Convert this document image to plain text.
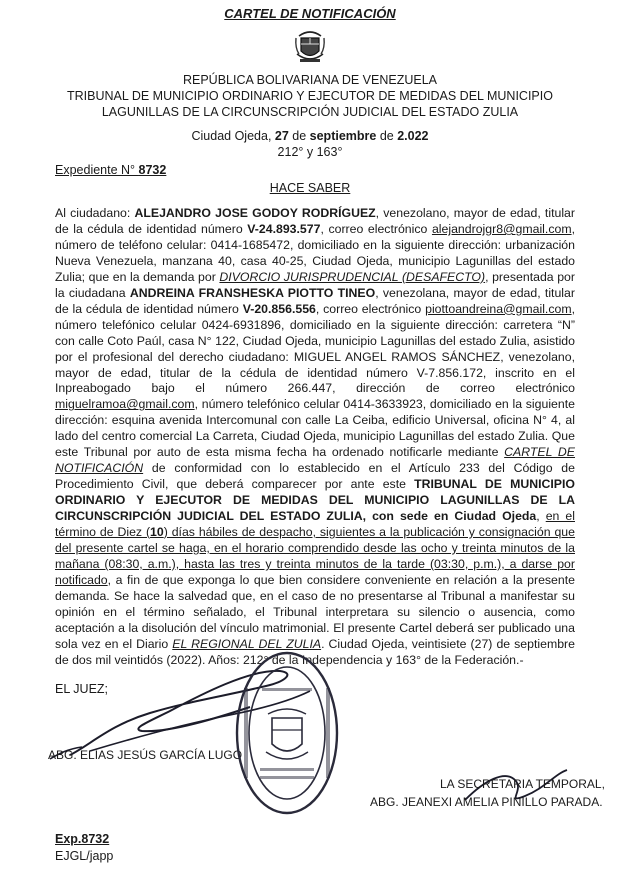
CARTEL DE NOTIFICACIÓN
REPÚBLICA BOLIVARIANA DE VENEZUELA
TRIBUNAL DE MUNICIPIO ORDINARIO Y EJECUTOR DE MEDIDAS DEL MUNICIPIO
LAGUNILLAS DE LA CIRCUNSCRIPCIÓN JUDICIAL DEL ESTADO ZULIA
Ciudad Ojeda, 27 de septiembre de 2.022
212° y 163°
Expediente N° 8732
HACE SABER
Al ciudadano: ALEJANDRO JOSE GODOY RODRÍGUEZ, venezolano, mayor de edad, titular de la cédula de identidad número V-24.893.577, correo electrónico alejandrojgr8@gmail.com, número de teléfono celular: 0414-1685472, domiciliado en la siguiente dirección: urbanización Nueva Venezuela, manzana 40, casa 40-25, Ciudad Ojeda, municipio Lagunillas del estado Zulia; que en la demanda por DIVORCIO JURISPRUDENCIAL (DESAFECTO), presentada por la ciudadana ANDREINA FRANSHESKA PIOTTO TINEO, venezolana, mayor de edad, titular de la cédula de identidad número V-20.856.556, correo electrónico piottoandreina@gmail.com, número telefónico celular 0424-6931896, domiciliado en la siguiente dirección: carretera “N” con calle Coto Paúl, casa N° 122, Ciudad Ojeda, municipio Lagunillas del estado Zulia, asistido por el profesional del derecho ciudadano: MIGUEL ANGEL RAMOS SÁNCHEZ, venezolano, mayor de edad, titular de la cédula de identidad número V-7.856.172, inscrito en el Inpreabogado bajo el número 266.447, dirección de correo electrónico miguelramoa@gmail.com, número telefónico celular 0414-3633923, domiciliado en la siguiente dirección: esquina avenida Intercomunal con calle La Ceiba, edificio Universal, oficina N° 4, al lado del centro comercial La Carreta, Ciudad Ojeda, municipio Lagunillas del estado Zulia. Que este Tribunal por auto de esta misma fecha ha ordenado notificarle mediante CARTEL DE NOTIFICACIÓN de conformidad con lo establecido en el Artículo 233 del Código de Procedimiento Civil, que deberá comparecer por ante este TRIBUNAL DE MUNICIPIO ORDINARIO Y EJECUTOR DE MEDIDAS DEL MUNICIPIO LAGUNILLAS DE LA CIRCUNSCRIPCIÓN JUDICIAL DEL ESTADO ZULIA, con sede en Ciudad Ojeda, en el término de Diez (10) días hábiles de despacho, siguientes a la publicación y consignación que del presente cartel se haga, en el horario comprendido desde las ocho y treinta minutos de la mañana (08:30, a.m.), hasta las tres y treinta minutos de la tarde (03:30, p.m.), a darse por notificado, a fin de que exponga lo que bien considere conveniente en relación a la presente demanda. Se hace la salvedad que, en el caso de no presentarse al Tribunal a manifestar su opinión en el término señalado, el Tribunal interpretara su silencio o ausencia, como aceptación a la disolución del vínculo matrimonial. El presente Cartel deberá ser publicado una sola vez en el Diario EL REGIONAL DEL ZULIA. Ciudad Ojeda, veintisiete (27) de septiembre de dos mil veintidós (2022). Años: 212° de la Independencia y 163° de la Federación.-
EL JUEZ;
ABG. ELIAS JESÚS GARCÍA LUGO
LA SECRETARIA TEMPORAL,
ABG. JEANEXI AMELIA PINILLO PARADA.
Exp.8732
EJGL/japp
